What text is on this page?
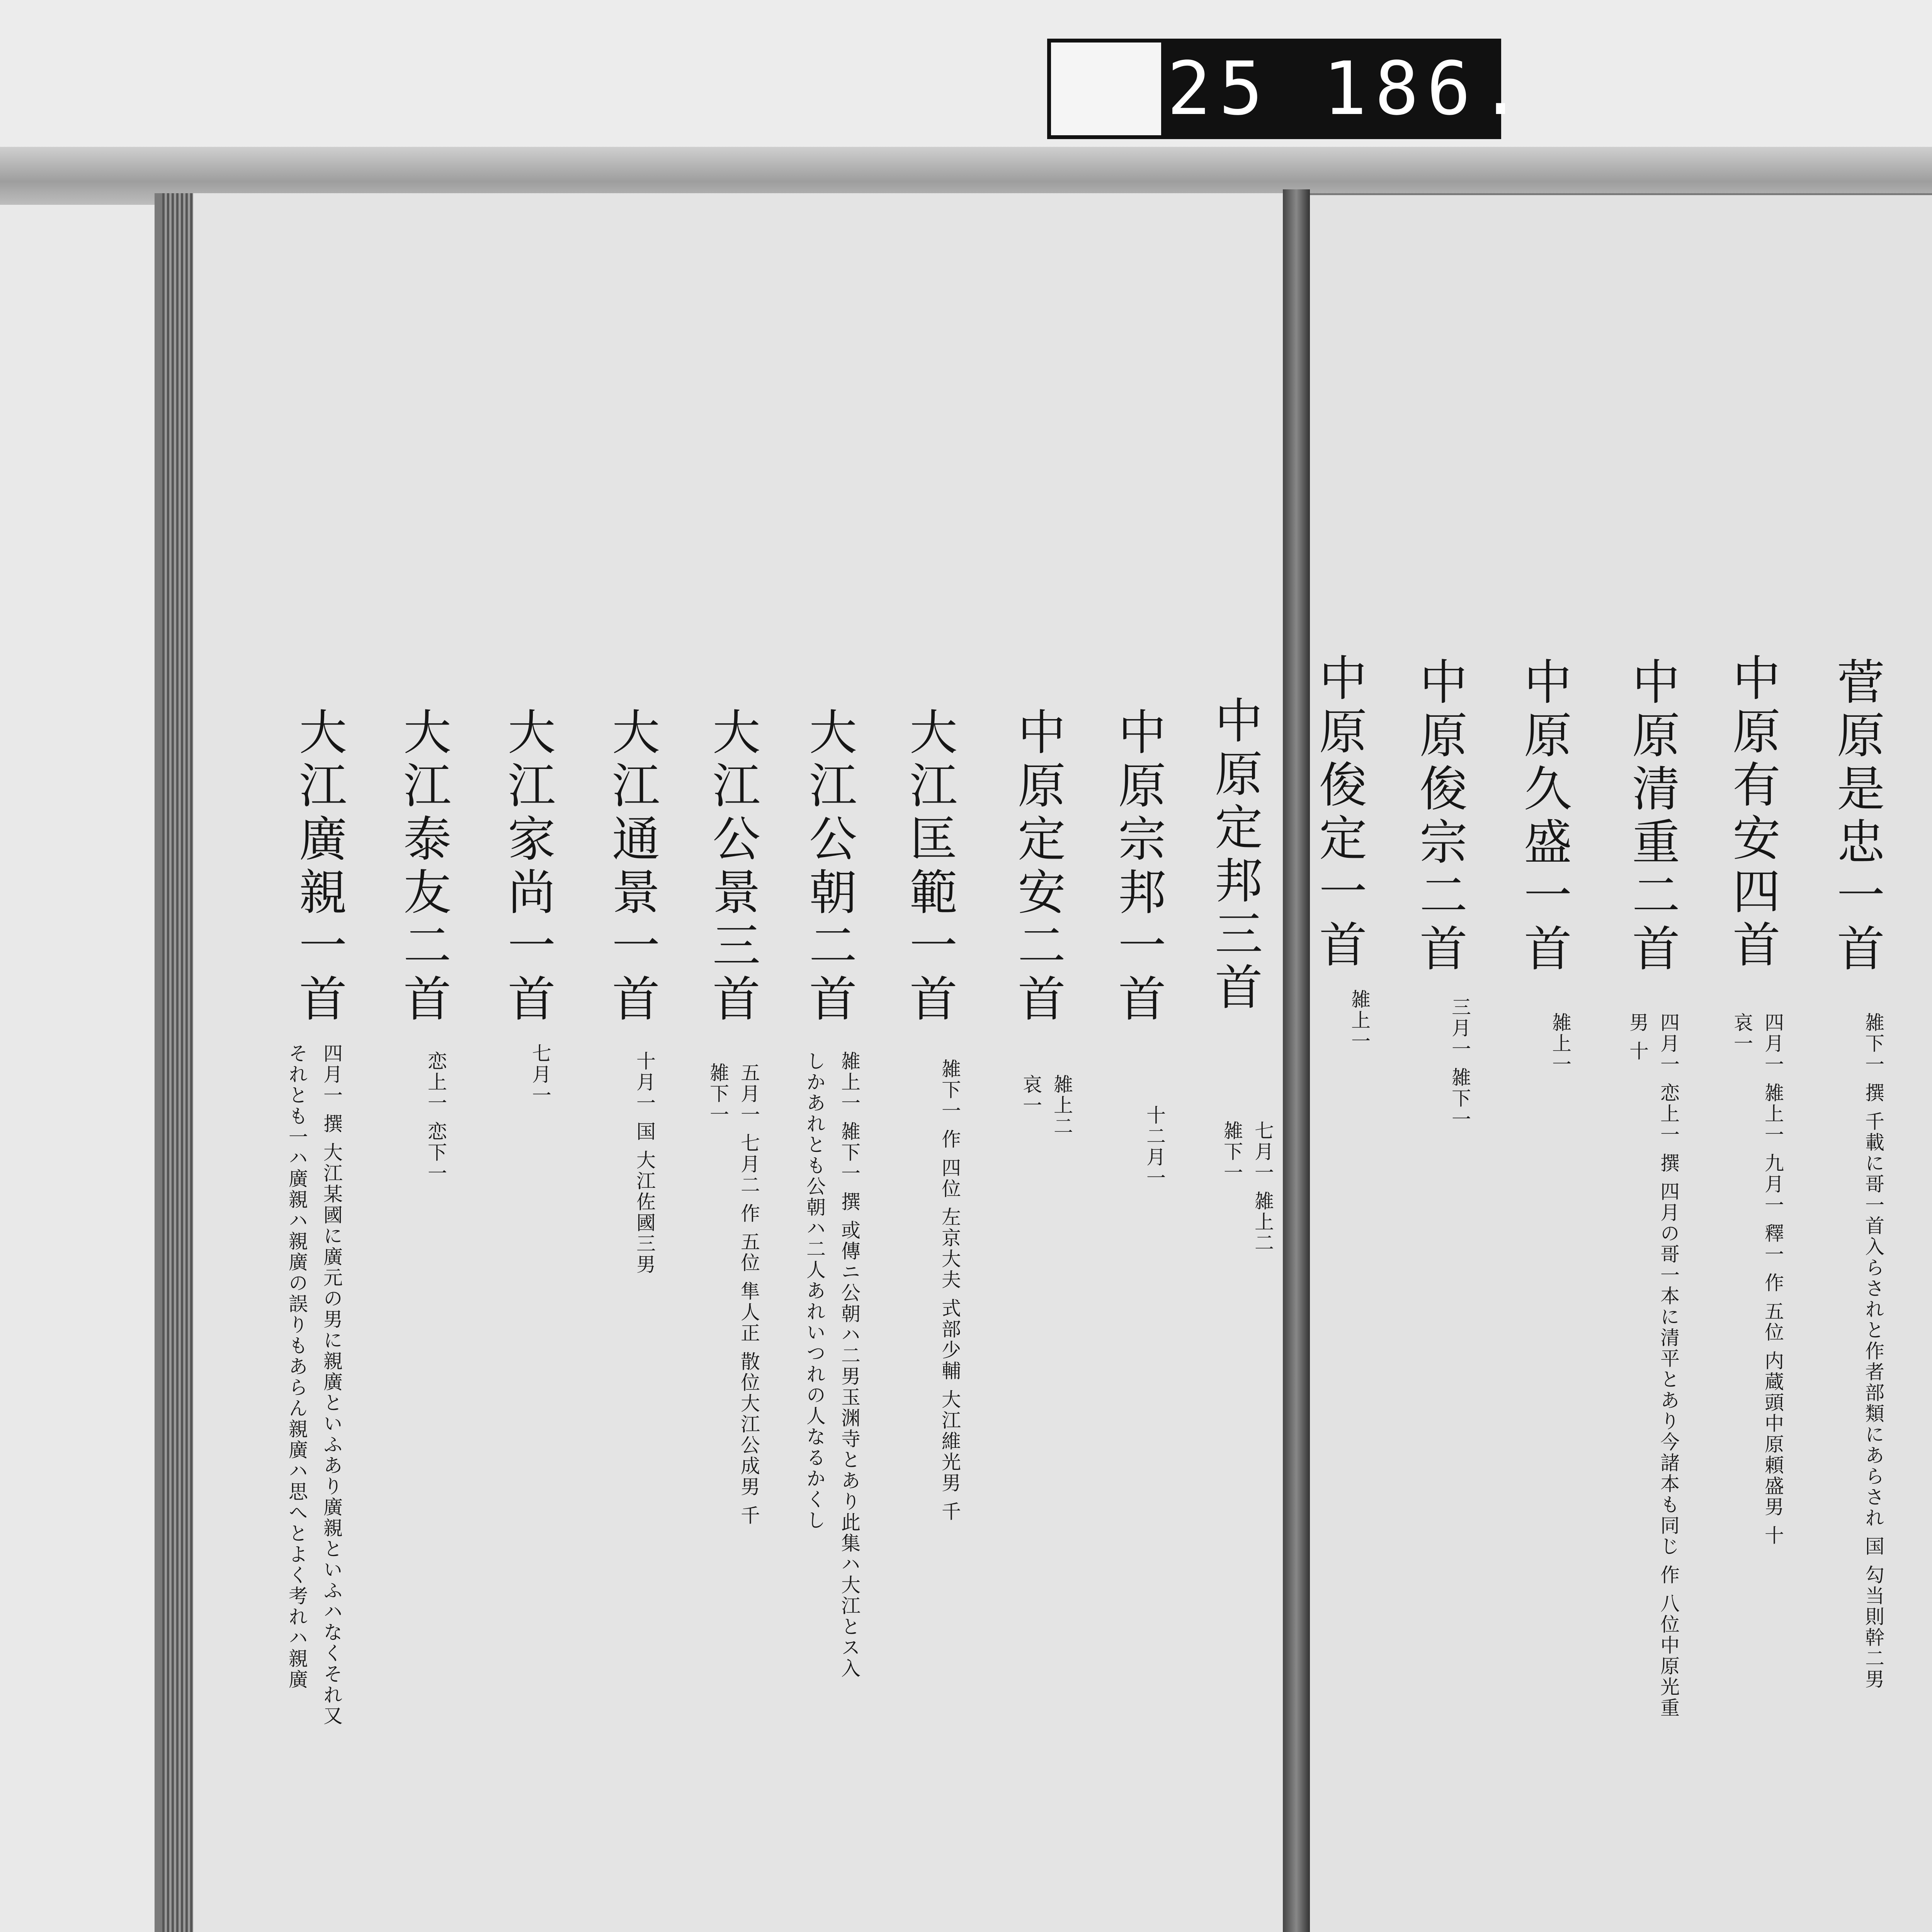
25 186.
菅原是忠一首
雑下一 撰 千載に哥一首入らされと作者部類にあらされ 国 勾当則幹二男
中原有安四首
四月一 雑上一 九月一 釋一 作 五位 内蔵頭中原頼盛男 十
哀一
中原清重二首
四月一 恋上一 撰 四月の哥一本に清平とあり今諸本も同じ 作 八位中原光重
男 十
中原久盛一首
雑上一
中原俊宗二首
三月一 雑下一
中原俊定一首
雑上一
中原定邦三首
七月一 雑上二
雑下一
中原宗邦一首
十二月一
中原定安二首
雑上二
哀一
大江匡範一首
雑下一 作 四位 左京大夫 式部少輔 大江維光男 千
大江公朝二首
雑上一 雑下一 撰 或傳ニ公朝ハ二男玉渊寺とあり此集ハ大江とス入
しかあれとも公朝ハ二人あれいつれの人なるかくし
大江公景三首
五月一 七月二 作 五位 隼人正 散位大江公成男 千
雑下一
大江通景一首
十月一 国 大江佐國三男
大江家尚一首
七月一
大江泰友二首
恋上一 恋下一
大江廣親一首
四月一 撰 大江某國に廣元の男に親廣といふあり廣親といふハなくそれ又
それとも一ハ廣親ハ親廣の誤りもあらん親廣ハ思へとよく考れハ親廣
